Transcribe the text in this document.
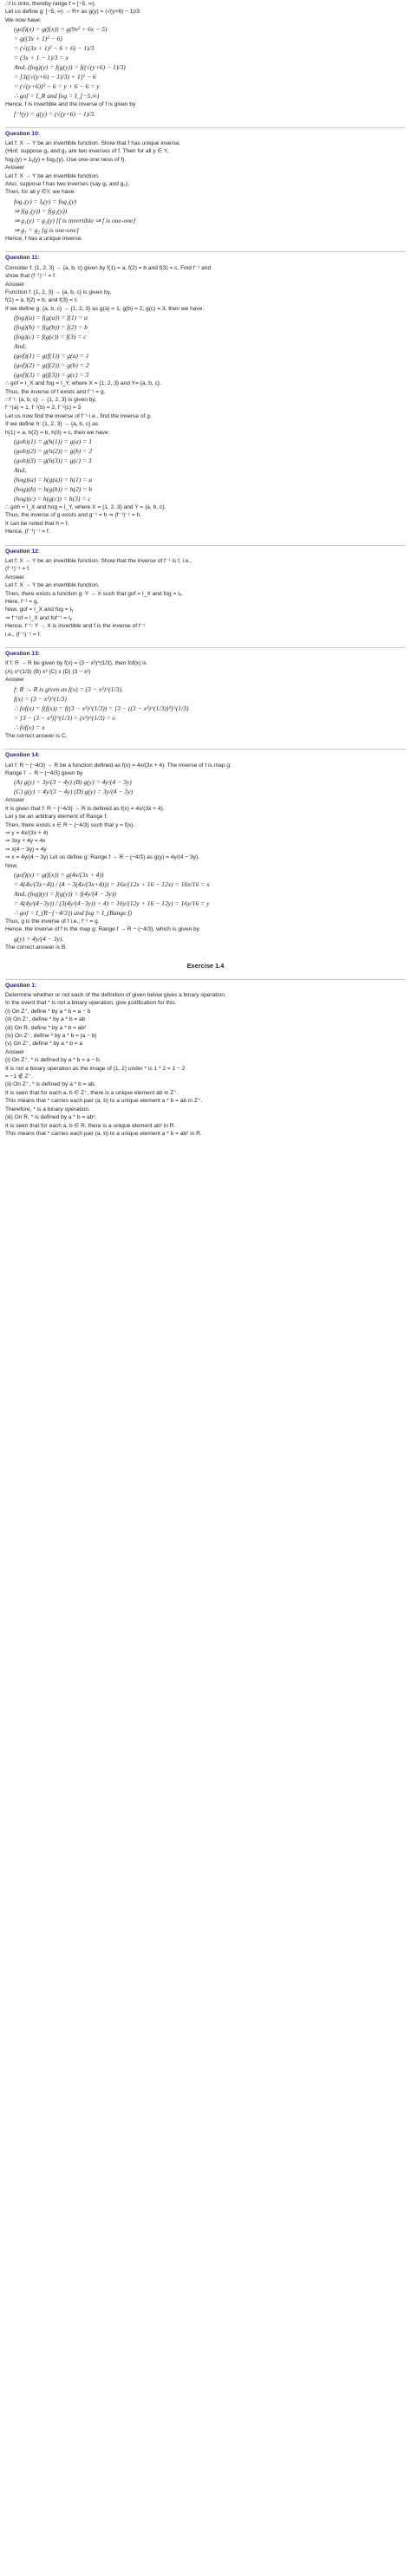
∴f is onto, thereby range f = [−5, ∞).
Let us define g: [−5, ∞) → R+ as g(y) = (√(y+6) − 1)/3
We now have:
(gof)(x) = g(f(x)) = g(9x² + 6x − 5)
= g((3x + 1)² − 6)
= (√((3x + 1)² − 6 + 6) − 1)/3
= (3x + 1 − 1)/3 = x
And, (fog)(y) = f(g(y)) = f((√(y+6) − 1)/3)
= [3((√(y+6) − 1)/3) + 1]² − 6
= (√(y+6))² − 6 = y + 6 − 6 = y
∴ gof = I_R and fog = I_[−5,∞)
Hence, f is invertible and the inverse of f is given by
f⁻¹(y) = g(y) = (√(y+6) − 1)/3.
Question 10:
Let f: X → Y be an invertible function. Show that f has unique inverse.
(Hint: suppose g₁ and g₂ are two inverses of f. Then for all y ∈ Y,
fog₁(y) = 1ᵧ(y) = fog₂(y). Use one-one ness of f).
Answer
Let f: X → Y be an invertible function.
Also, suppose f has two inverses (say g₁ and g₂).
Then, for all y ∈Y, we have:
fog₁(y) = Iᵧ(y) = fog₂(y)
⇒ f(g₁(y)) = f(g₂(y))
⇒ g₁(y) = g₂(y) [f is invertible ⇒ f is one-one]
⇒ g₁ = g₂ [g is one-one]
Hence, f has a unique inverse.
Question 11:
Consider f: {1, 2, 3} → {a, b, c} given by f(1) = a, f(2) = b and f(3) = c. Find f⁻¹ and
show that (f⁻¹)⁻¹ = f.
Answer
Function f: {1, 2, 3} → {a, b, c} is given by,
f(1) = a, f(2) = b, and f(3) = c
If we define g: {a, b, c} → {1, 2, 3} as g(a) = 1, g(b) = 2, g(c) = 3, then we have:
(fog)(a) = f(g(a)) = f(1) = a
(fog)(b) = f(g(b)) = f(2) = b
(fog)(c) = f(g(c)) = f(3) = c
And,
(gof)(1) = g(f(1)) = g(a) = 1
(gof)(2) = g(f(2)) = g(b) = 2
(gof)(3) = g(f(3)) = g(c) = 3
∴ gof = I_X and fog = I_Y, where X = {1, 2, 3} and Y= {a, b, c}.
Thus, the inverse of f exists and f⁻¹ = g.
∴f⁻¹: {a, b, c} → {1, 2, 3} is given by,
f⁻¹(a) = 1, f⁻¹(b) = 2, f⁻¹(c) = 3
Let us now find the inverse of f⁻¹ i.e., find the inverse of g.
If we define h: {1, 2, 3} → {a, b, c} as
h(1) = a, h(2) = b, h(3) = c, then we have:
(goh)(1) = g(h(1)) = g(a) = 1
(goh)(2) = g(h(2)) = g(b) = 2
(goh)(3) = g(h(3)) = g(c) = 3
And,
(hog)(a) = h(g(a)) = h(1) = a
(hog)(b) = h(g(b)) = h(2) = b
(hog)(c) = h(g(c)) = h(3) = c
∴ goh = I_X and hog = I_Y, where X = {1, 2, 3} and Y = {a, b, c}.
Thus, the inverse of g exists and g⁻¹ = h ⇒ (f⁻¹)⁻¹ = h.
It can be noted that h = f.
Hence, (f⁻¹)⁻¹ = f.
Question 12:
Let f: X → Y be an invertible function. Show that the inverse of f⁻¹ is f, i.e.,
(f⁻¹)⁻¹ = f.
Answer
Let f: X → Y be an invertible function.
Then, there exists a function g: Y → X such that gof = I_X and fog = Iᵧ.
Here, f⁻¹ = g.
Now, gof = I_X and fog = Iᵧ
⇒ f⁻¹of = I_X and fof⁻¹ = Iᵧ
Hence, f⁻¹: Y → X is invertible and f is the inverse of f⁻¹
i.e., (f⁻¹)⁻¹ = f.
Question 13:
If f: R → R be given by f(x) = (3 − x³)^(1/3), then fof(x) is
(A) x^(1/3) (B) x³ (C) x (D) (3 − x³)
Answer
f: R → R is given as f(x) = (3 − x³)^(1/3).
f(x) = (3 − x³)^(1/3)
∴ fof(x) = f(f(x)) = f((3 − x³)^(1/3)) = [3 − ((3 − x³)^(1/3))³]^(1/3)
= [3 − (3 − x³)]^(1/3) = (x³)^(1/3) = x
∴ fof(x) = x
The correct answer is C.
Question 14:
Let f: R − {−4/3} → R be a function defined as f(x) = 4x/(3x + 4). The inverse of f is map g:
Range f → R − {−4/3} given by
(A) g(y) = 3y/(3 − 4y) (B) g(y) = 4y/(4 − 3y)
(C) g(y) = 4y/(3 − 4y) (D) g(y) = 3y/(4 − 3y)
Answer
It is given that f: R − {−4/3} → R is defined as f(x) = 4x/(3x + 4).
Let y be an arbitrary element of Range f.
Then, there exists x ∈ R − {−4/3} such that y = f(x).
⇒ y = 4x/(3x + 4)
⇒ 3xy + 4y = 4x
⇒ x(4 − 3y) = 4y
⇒ x = 4y/(4 − 3y) Let us define g: Range f → R − {−4/3} as g(y) = 4y/(4 − 3y).
Now,
(gof)(x) = g(f(x)) = g(4x/(3x + 4))
= 4(4x/(3x+4)) / (4 − 3(4x/(3x+4))) = 16x/(12x + 16 − 12x) = 16x/16 = x
And, (fog)(y) = f(g(y)) = f(4y/(4 − 3y))
= 4(4y/(4−3y)) / (3(4y/(4−3y)) + 4) = 16y/(12y + 16 − 12y) = 16y/16 = y
∴ gof = I_(R−{−4/3}) and fog = I_(Range f)
Thus, g is the inverse of f i.e., f⁻¹ = g.
Hence, the inverse of f is the map g: Range f → R − {−4/3}, which is given by
g(y) = 4y/(4 − 3y).
The correct answer is B.
Exercise 1.4
Question 1:
Determine whether or not each of the definition of given below gives a binary operation.
In the event that * is not a binary operation, give justification for this.
(i) On Z⁺, define * by a * b = a − b
(ii) On Z⁺, define * by a * b = ab
(iii) On R, define * by a * b = ab²
(iv) On Z⁺, define * by a * b = |a − b|
(v) On Z⁺, define * by a * b = a
Answer
(i) On Z⁺, * is defined by a * b = a − b.
It is not a binary operation as the image of (1, 2) under * is 1 * 2 = 1 − 2
= −1 ∉ Z⁺.
(ii) On Z⁺, * is defined by a * b = ab.
It is seen that for each a, b ∈ Z⁺, there is a unique element ab in Z⁺.
This means that * carries each pair (a, b) to a unique element a * b = ab in Z⁺.
Therefore, * is a binary operation.
(iii) On R, * is defined by a * b = ab².
It is seen that for each a, b ∈ R, there is a unique element ab² in R.
This means that * carries each pair (a, b) to a unique element a * b = ab² in R.
